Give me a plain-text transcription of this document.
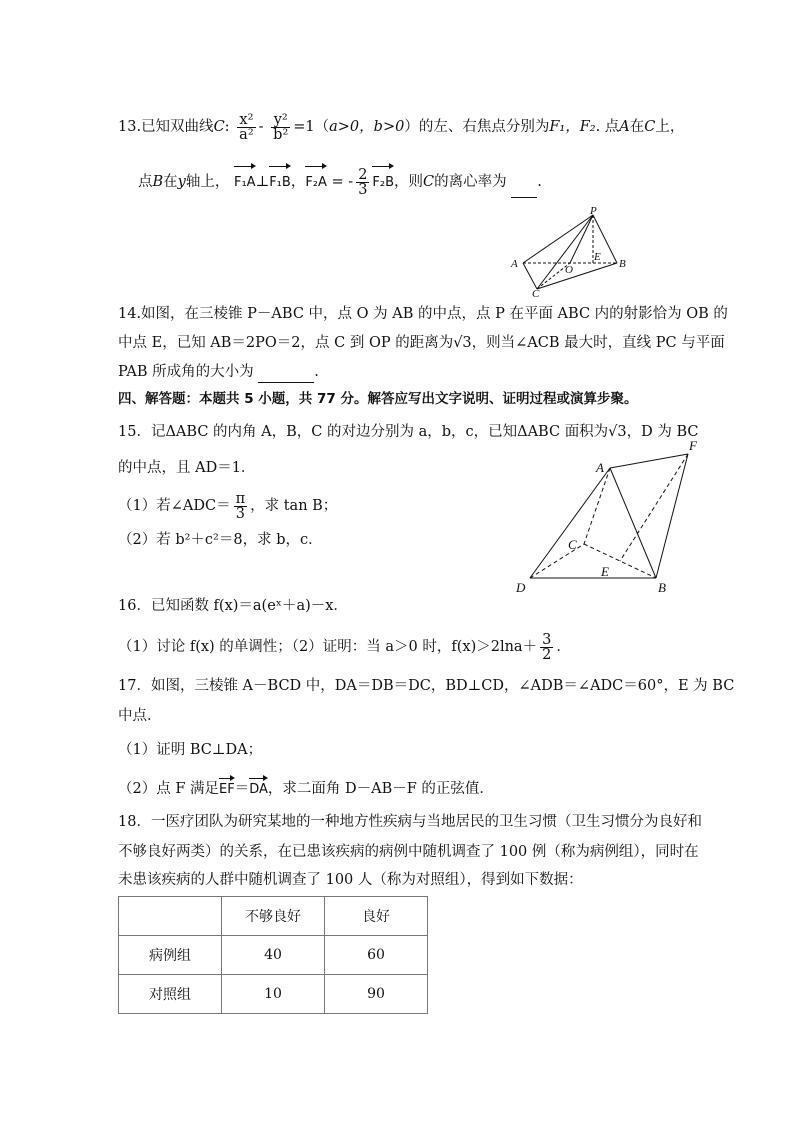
13.已知双曲线C: $\frac{\text{x²}}{\text{a²}} - \frac{\text{y²}}{\text{b²}} =1(a>0$，b>0）的左、右焦点分别为F₁，F₂. 点A在C上，
点B在y轴上， F₁A⊥F₁B，F₂A = - $\frac{2}{3} F_2B$，则C的离心率为 .
P
A	O
E
B
C
14.如图，在三棱锥 P－ABC 中，点 O 为 AB 的中点，点 P 在平面 ABC 内的射影恰为 OB 的
中点 E，已知 AB＝2PO＝2，点 C 到 OP 的距离为√3，则当∠ACB 最大时，直线 PC 与平面
PAB 所成角的大小为	.
四、解答题：本题共 5 小题，共 77 分。解答应写出文字说明、证明过程或演算步聚。
15．记ΔABC 的内角 A，B，C 的对边分别为 a，b，c，已知ΔABC 面积为√3，D 为 BC
的中点，且 AD＝1．
（1）若∠ADC＝ $\frac{\pi}{3}$ ，求 tan B；
（2）若 b²＋c²＝8，求 b，c．
A
F
C
E
D	B
16．已知函数 f(x)＝a(eˣ＋a)－x．
（1）讨论 f(x) 的单调性；（2）证明：当 a＞0 时，$f(x)>2\ln a+ \frac{3}{2}$ ．
17．如图，三棱锥 A－BCD 中，DA＝DB＝DC，BD⊥CD，∠ADB＝∠ADC＝60°，E 为 BC
中点．
（1）证明 BC⊥DA；
（2）点 F 满足EF＝DA，求二面角 D－AB－F 的正弦值．
18．一医疗团队为研究某地的一种地方性疾病与当地居民的卫生习惯（卫生习惯分为良好和
不够良好两类）的关系，在已患该疾病的病例中随机调查了 100 例（称为病例组），同时在
未患该疾病的人群中随机调查了 100 人（称为对照组），得到如下数据：
	不够良好	良好
病例组	40	60
对照组	10	90
